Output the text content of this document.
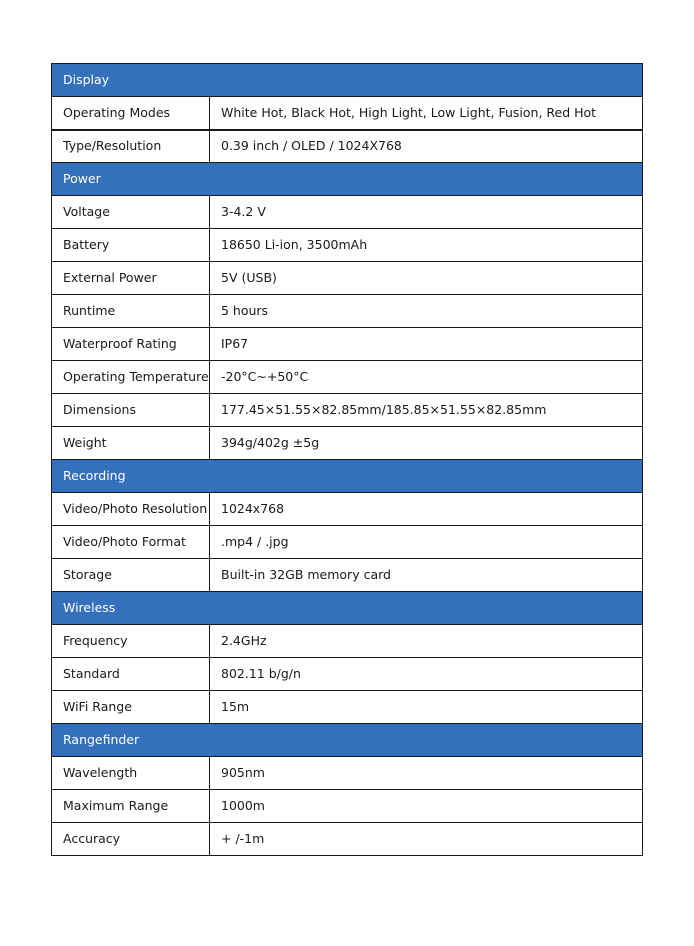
Display	
Operating Modes	White Hot, Black Hot, High Light, Low Light, Fusion, Red Hot
Type/Resolution	0.39 inch / OLED / 1024X768
Power	
Voltage	3-4.2 V
Battery	18650 Li-ion, 3500mAh
External Power	5V (USB)
Runtime	5 hours
Waterproof Rating	IP67
Operating Temperature	-20°C~+50°C
Dimensions	177.45×51.55×82.85mm/185.85×51.55×82.85mm
Weight	394g/402g ±5g
Recording	
Video/Photo Resolution	1024x768
Video/Photo Format	.mp4 / .jpg
Storage	Built-in 32GB memory card
Wireless	
Frequency	2.4GHz
Standard	802.11 b/g/n
WiFi Range	15m
Rangefinder	
Wavelength	905nm
Maximum Range	1000m
Accuracy	+ /-1m
